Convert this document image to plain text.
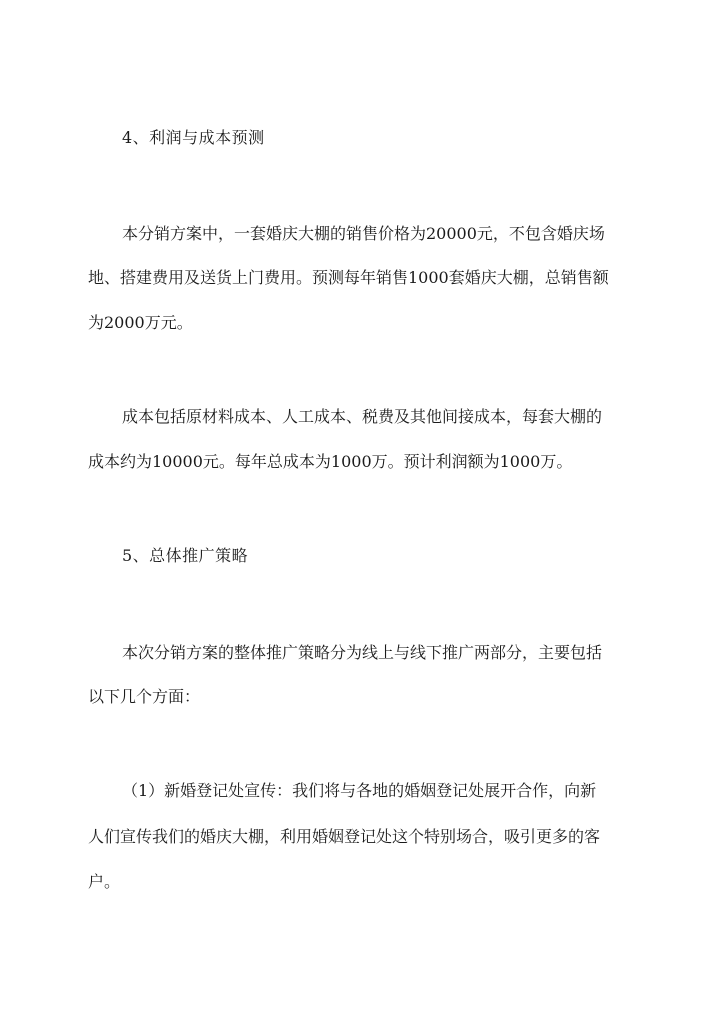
4、利润与成本预测
本分销方案中，一套婚庆大棚的销售价格为20000元，不包含婚庆场
地、搭建费用及送货上门费用。预测每年销售1000套婚庆大棚，总销售额
为2000万元。
成本包括原材料成本、人工成本、税费及其他间接成本，每套大棚的
成本约为10000元。每年总成本为1000万。预计利润额为1000万。
5、总体推广策略
本次分销方案的整体推广策略分为线上与线下推广两部分，主要包括
以下几个方面：
（1）新婚登记处宣传：我们将与各地的婚姻登记处展开合作，向新
人们宣传我们的婚庆大棚，利用婚姻登记处这个特别场合，吸引更多的客
户。
